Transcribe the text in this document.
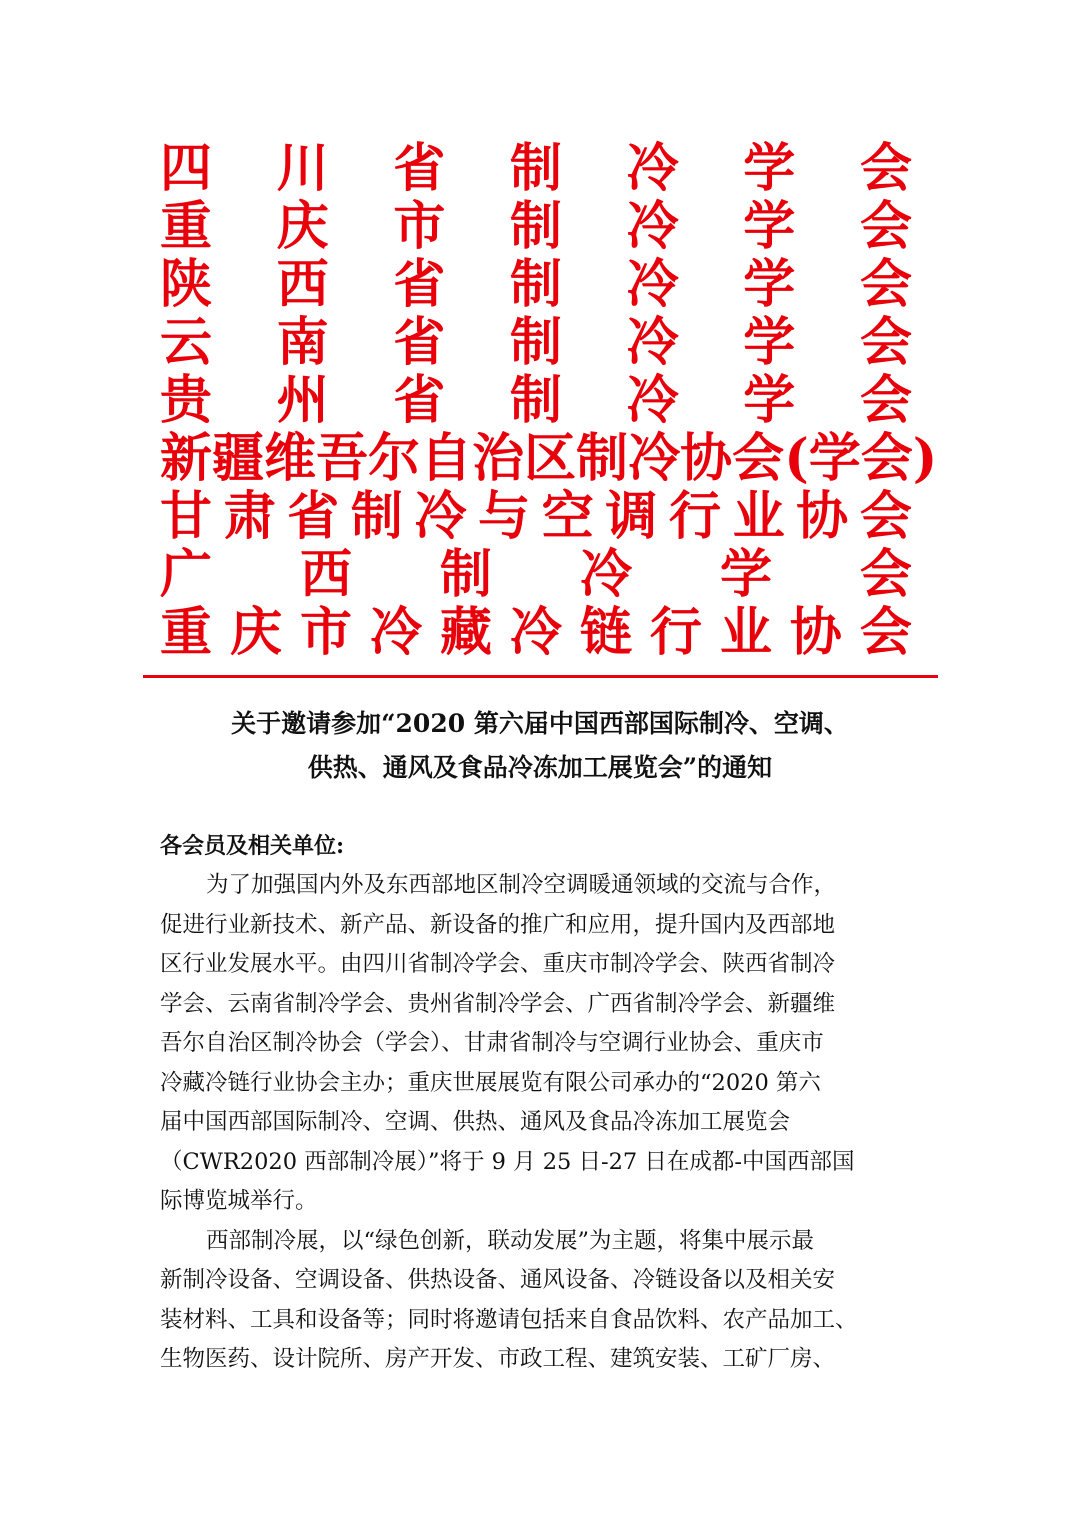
四 川 省 制 冷 学 会
重 庆 市 制 冷 学 会
陕 西 省 制 冷 学 会
云 南 省 制 冷 学 会
贵 州 省 制 冷 学 会
新 疆 维 吾 尔 自 治 区 制 冷 协 会 (学 会)
甘 肃 省 制 冷 与 空 调 行 业 协 会
广 西 制 冷 学 会
重 庆 市 冷 藏 冷 链 行 业 协 会
关于邀请参加“2020 第六届中国西部国际制冷、空调、
供热、通风及食品冷冻加工展览会”的通知
各会员及相关单位:
为了加强国内外及东西部地区制冷空调暖通领域的交流与合作，
促进行业新技术、新产品、新设备的推广和应用，提升国内及西部地
区行业发展水平。由四川省制冷学会、重庆市制冷学会、陕西省制冷
学会、云南省制冷学会、贵州省制冷学会、广西省制冷学会、新疆维
吾尔自治区制冷协会（学会）、甘肃省制冷与空调行业协会、重庆市
冷藏冷链行业协会主办；重庆世展展览有限公司承办的“2020 第六
届中国西部国际制冷、空调、供热、通风及食品冷冻加工展览会
（CWR2020 西部制冷展）”将于 9 月 25 日-27 日在成都-中国西部国
际博览城举行。
西部制冷展，以“绿色创新，联动发展”为主题，将集中展示最
新制冷设备、空调设备、供热设备、通风设备、冷链设备以及相关安
装材料、工具和设备等；同时将邀请包括来自食品饮料、农产品加工、
生物医药、设计院所、房产开发、市政工程、建筑安装、工矿厂房、
